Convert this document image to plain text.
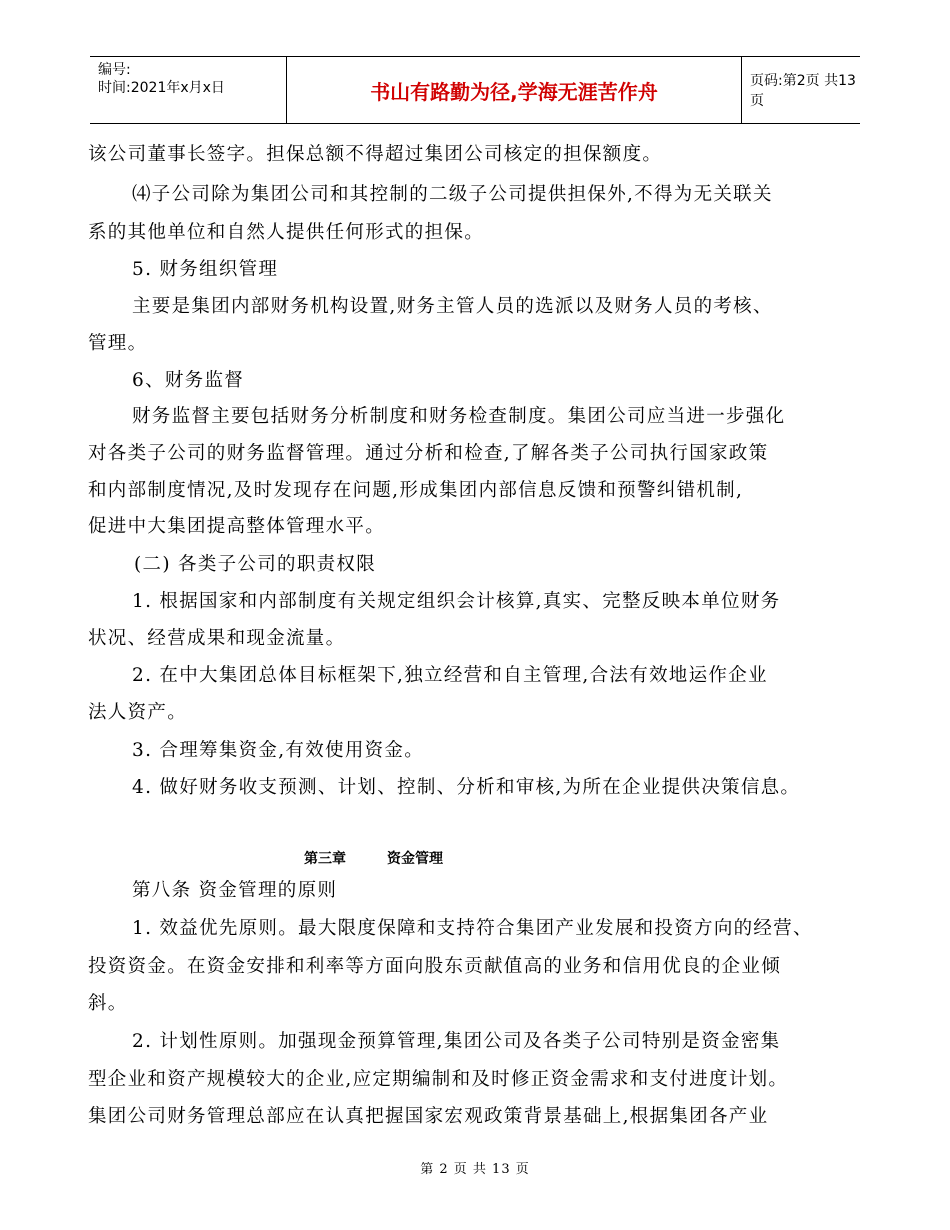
编号:
时间:2021年x月x日	书山有路勤为径,学海无涯苦作舟	页码:第2页 共13页
该公司董事长签字。担保总额不得超过集团公司核定的担保额度。
⑷子公司除为集团公司和其控制的二级子公司提供担保外,不得为无关联关
系的其他单位和自然人提供任何形式的担保。
5. 财务组织管理
主要是集团内部财务机构设置,财务主管人员的选派以及财务人员的考核、
管理。
6、财务监督
财务监督主要包括财务分析制度和财务检查制度。集团公司应当进一步强化
对各类子公司的财务监督管理。通过分析和检查,了解各类子公司执行国家政策
和内部制度情况,及时发现存在问题,形成集团内部信息反馈和预警纠错机制,
促进中大集团提高整体管理水平。
(二) 各类子公司的职责权限
1. 根据国家和内部制度有关规定组织会计核算,真实、完整反映本单位财务
状况、经营成果和现金流量。
2. 在中大集团总体目标框架下,独立经营和自主管理,合法有效地运作企业
法人资产。
3. 合理筹集资金,有效使用资金。
4. 做好财务收支预测、计划、控制、分析和审核,为所在企业提供决策信息。
第三章	资金管理
第八条 资金管理的原则
1. 效益优先原则。最大限度保障和支持符合集团产业发展和投资方向的经营、
投资资金。在资金安排和利率等方面向股东贡献值高的业务和信用优良的企业倾
斜。
2. 计划性原则。加强现金预算管理,集团公司及各类子公司特别是资金密集
型企业和资产规模较大的企业,应定期编制和及时修正资金需求和支付进度计划。
集团公司财务管理总部应在认真把握国家宏观政策背景基础上,根据集团各产业
第 2 页 共 13 页
